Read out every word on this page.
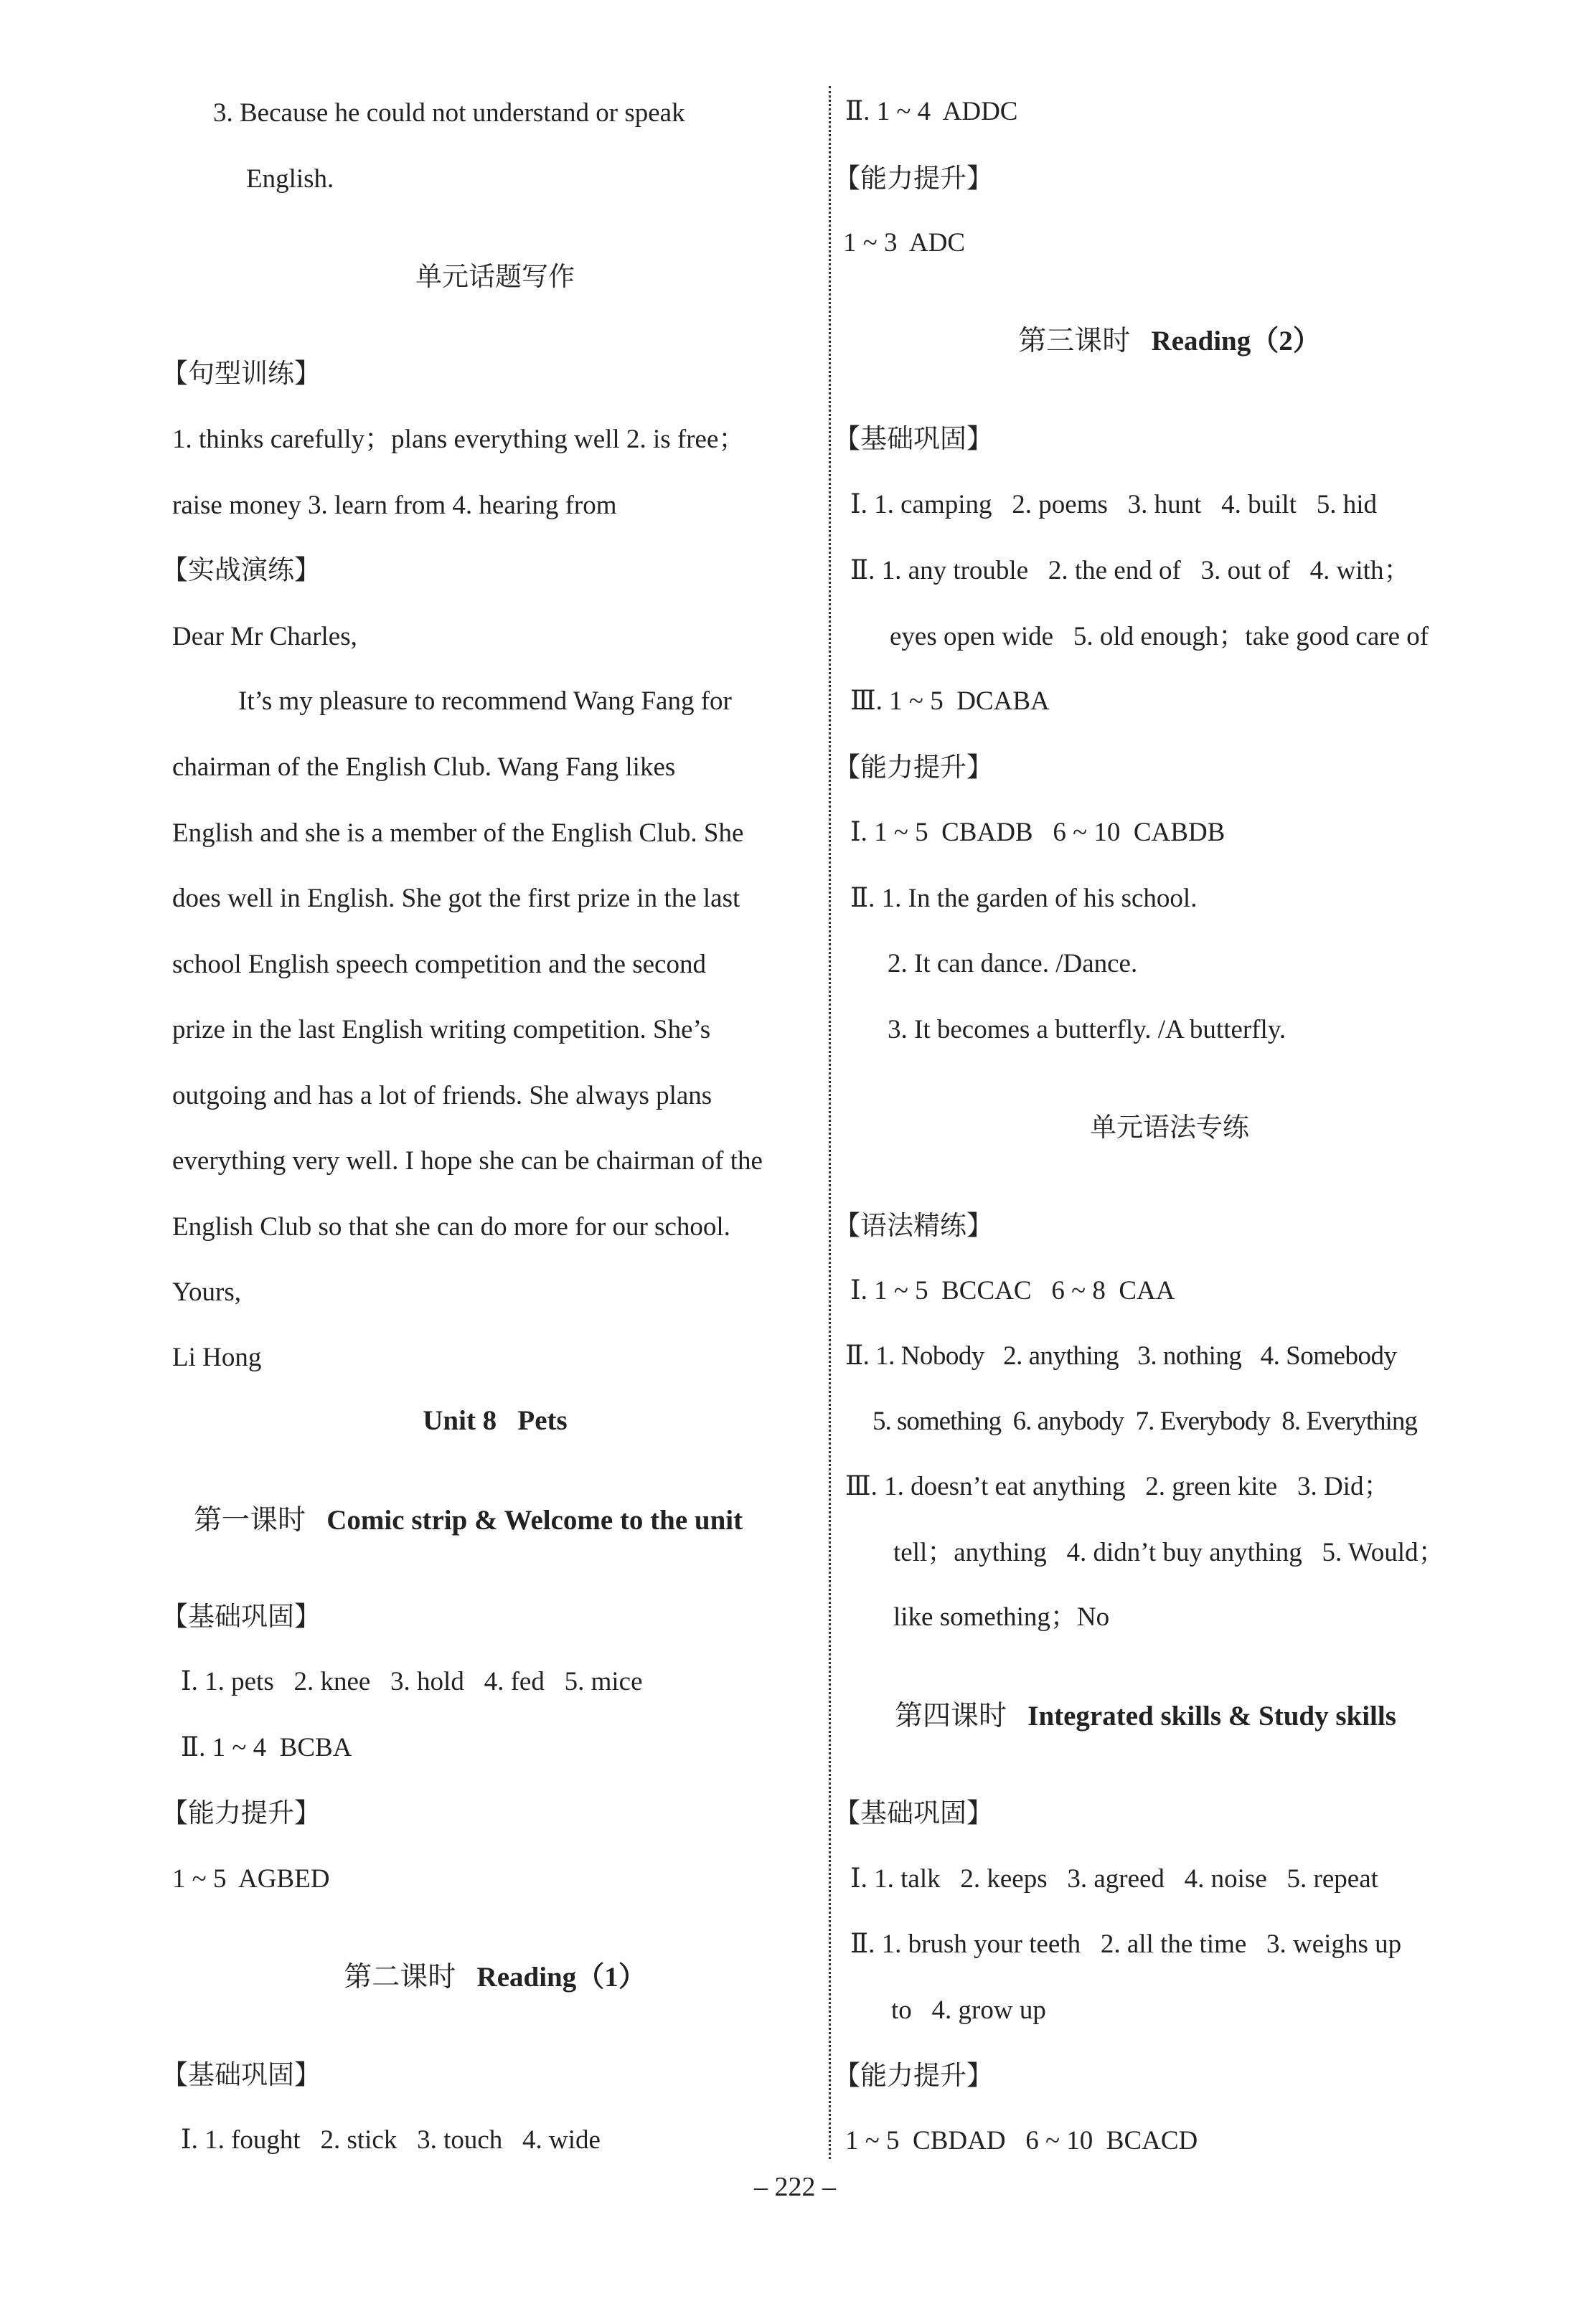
3. Because he could not understand or speak
English.
单元话题写作
【句型训练】
1. thinks carefully；plans everything well 2. is free；
raise money 3. learn from 4. hearing from
【实战演练】
Dear Mr Charles,
It’s my pleasure to recommend Wang Fang for
chairman of the English Club. Wang Fang likes
English and she is a member of the English Club. She
does well in English. She got the first prize in the last
school English speech competition and the second
prize in the last English writing competition. She’s
outgoing and has a lot of friends. She always plans
everything very well. I hope she can be chairman of the
English Club so that she can do more for our school.
Yours,
Li Hong
Unit 8   Pets
第一课时 Comic strip & Welcome to the unit
【基础巩固】
Ⅰ. 1. pets   2. knee   3. hold   4. fed   5. mice
Ⅱ. 1 ~ 4  BCBA
【能力提升】
1 ~ 5  AGBED
第二课时 Reading（1）
【基础巩固】
Ⅰ. 1. fought   2. stick   3. touch   4. wide
Ⅱ. 1 ~ 4  ADDC
【能力提升】
1 ~ 3  ADC
第三课时 Reading（2）
【基础巩固】
Ⅰ. 1. camping   2. poems   3. hunt   4. built   5. hid
Ⅱ. 1. any trouble   2. the end of   3. out of   4. with；
eyes open wide   5. old enough；take good care of
Ⅲ. 1 ~ 5  DCABA
【能力提升】
Ⅰ. 1 ~ 5  CBADB   6 ~ 10  CABDB
Ⅱ. 1. In the garden of his school.
2. It can dance. /Dance.
3. It becomes a butterfly. /A butterfly.
单元语法专练
【语法精练】
Ⅰ. 1 ~ 5  BCCAC   6 ~ 8  CAA
Ⅱ. 1. Nobody   2. anything   3. nothing   4. Somebody
5. something  6. anybody  7. Everybody  8. Everything
Ⅲ. 1. doesn’t eat anything   2. green kite   3. Did；
tell；anything   4. didn’t buy anything   5. Would；
like something；No
第四课时 Integrated skills & Study skills
【基础巩固】
Ⅰ. 1. talk   2. keeps   3. agreed   4. noise   5. repeat
Ⅱ. 1. brush your teeth   2. all the time   3. weighs up
to   4. grow up
【能力提升】
1 ~ 5  CBDAD   6 ~ 10  BCACD
– 222 –
